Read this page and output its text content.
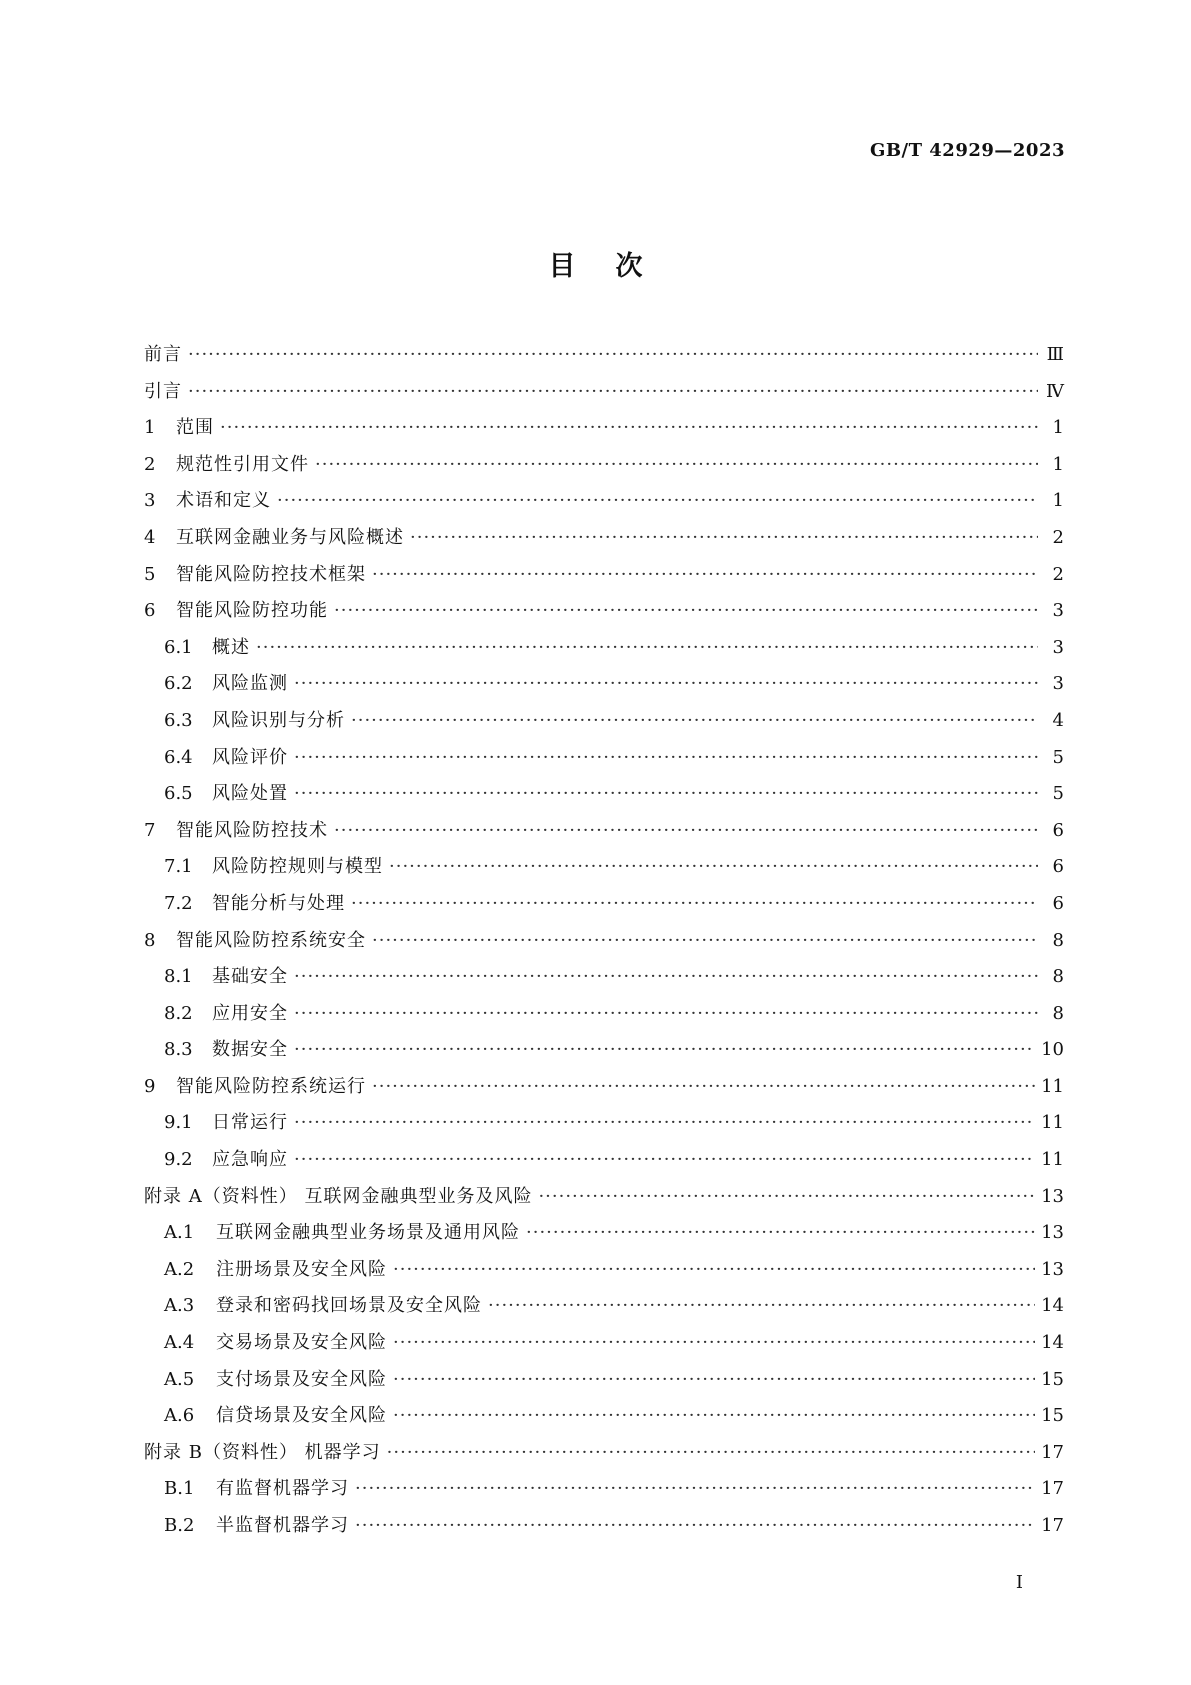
GB/T 42929—2023
目 次
前言 ·····	Ⅲ
引言 ·····	Ⅳ
1	范围 ·····	1
2	规范性引用文件 ·····	1
3	术语和定义 ·····	1
4	互联网金融业务与风险概述 ·····	2
5	智能风险防控技术框架 ·····	2
6	智能风险防控功能 ·····	3
6.1	概述 ·····	3
6.2	风险监测 ·····	3
6.3	风险识别与分析 ·····	4
6.4	风险评价 ·····	5
6.5	风险处置 ·····	5
7	智能风险防控技术 ·····	6
7.1	风险防控规则与模型 ·····	6
7.2	智能分析与处理 ·····	6
8	智能风险防控系统安全 ·····	8
8.1	基础安全 ·····	8
8.2	应用安全 ·····	8
8.3	数据安全 ·····	10
9	智能风险防控系统运行 ·····	11
9.1	日常运行 ·····	11
9.2	应急响应 ·····	11
附录 A（资料性） 互联网金融典型业务及风险 ·····	13
A.1	互联网金融典型业务场景及通用风险 ·····	13
A.2	注册场景及安全风险 ·····	13
A.3	登录和密码找回场景及安全风险 ·····	14
A.4	交易场景及安全风险 ·····	14
A.5	支付场景及安全风险 ·····	15
A.6	信贷场景及安全风险 ·····	15
附录 B（资料性） 机器学习 ·····	17
B.1	有监督机器学习 ·····	17
B.2	半监督机器学习 ·····	17
I
